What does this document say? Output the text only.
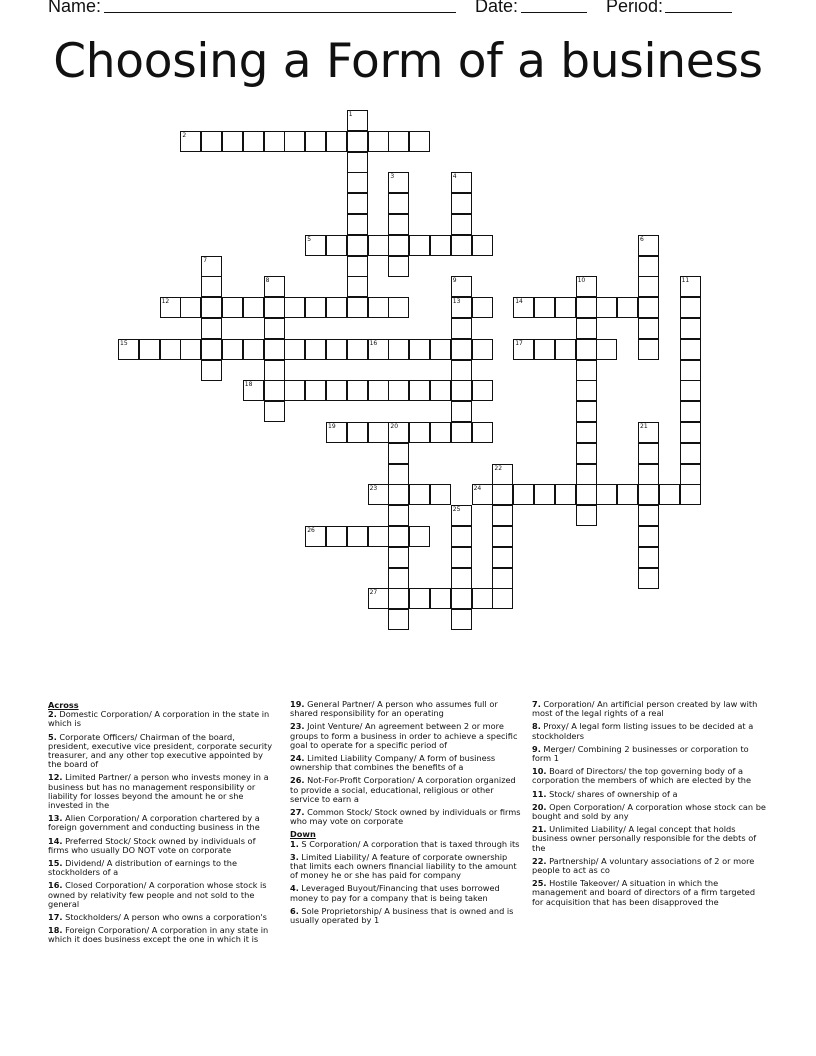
Name:	Date:	Period:
Choosing a Form of a business
1
2
3	4
5	6
7
8	9
13
10	11
12	14
15	16	17
18
19	20	21
22
23	24
25
26
27
Across
2. Domestic Corporation/ A corporation in the state in which is
5. Corporate Officers/ Chairman of the board, president, executive vice president, corporate security treasurer, and any other top executive appointed by the board of
12. Limited Partner/ a person who invests money in a business but has no management responsibility or liability for losses beyond the amount he or she invested in the
13. Alien Corporation/ A corporation chartered by a foreign government and conducting business in the
14. Preferred Stock/ Stock owned by individuals of firms who usually DO NOT vote on corporate
15. Dividend/ A distribution of earnings to the stockholders of a
16. Closed Corporation/ A corporation whose stock is owned by relativity few people and not sold to the general
17. Stockholders/ A person who owns a corporation's
18. Foreign Corporation/ A corporation in any state in which it does business except the one in which it is
19. General Partner/ A person who assumes full or shared responsibility for an operating
23. Joint Venture/ An agreement between 2 or more groups to form a business in order to achieve a specific goal to operate for a specific period of
24. Limited Liability Company/ A form of business ownership that combines the benefits of a
26. Not-For-Profit Corporation/ A corporation organized to provide a social, educational, religious or other service to earn a
27. Common Stock/ Stock owned by individuals or firms who may vote on corporate
Down
1. S Corporation/ A corporation that is taxed through its
3. Limited Liability/ A feature of corporate ownership that limits each owners financial liability to the amount of money he or she has paid for company
4. Leveraged Buyout/Financing that uses borrowed money to pay for a company that is being taken
6. Sole Proprietorship/ A business that is owned and is usually operated by 1
7. Corporation/ An artificial person created by law with most of the legal rights of a real
8. Proxy/ A legal form listing issues to be decided at a stockholders
9. Merger/ Combining 2 businesses or corporation to form 1
10. Board of Directors/ the top governing body of a corporation the members of which are elected by the
11. Stock/ shares of ownership of a
20. Open Corporation/ A corporation whose stock can be bought and sold by any
21. Unlimited Liability/ A legal concept that holds business owner personally responsible for the debts of the
22. Partnership/ A voluntary associations of 2 or more people to act as co
25. Hostile Takeover/ A situation in which the management and board of directors of a firm targeted for acquisition that has been disapproved the
